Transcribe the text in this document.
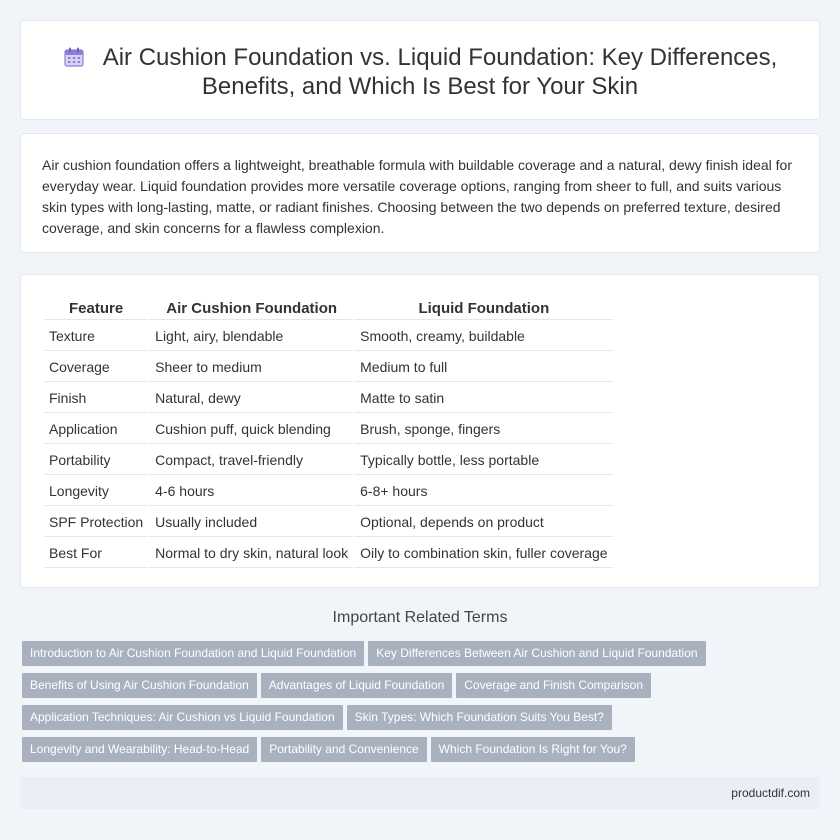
Air Cushion Foundation vs. Liquid Foundation: Key Differences,
Benefits, and Which Is Best for Your Skin

Air cushion foundation offers a lightweight, breathable formula with buildable coverage and a natural, dewy finish ideal for everyday wear. Liquid foundation provides more versatile coverage options, ranging from sheer to full, and suits various skin types with long-lasting, matte, or radiant finishes. Choosing between the two depends on preferred texture, desired coverage, and skin concerns for a flawless complexion.

Feature	Air Cushion Foundation	Liquid Foundation
Texture	Light, airy, blendable	Smooth, creamy, buildable
Coverage	Sheer to medium	Medium to full
Finish	Natural, dewy	Matte to satin
Application	Cushion puff, quick blending	Brush, sponge, fingers
Portability	Compact, travel-friendly	Typically bottle, less portable
Longevity	4-6 hours	6-8+ hours
SPF Protection	Usually included	Optional, depends on product
Best For	Normal to dry skin, natural look	Oily to combination skin, fuller coverage
Important Related Terms
Introduction to Air Cushion Foundation and Liquid Foundation Key Differences Between Air Cushion and Liquid Foundation
Benefits of Using Air Cushion Foundation Advantages of Liquid Foundation Coverage and Finish Comparison
Application Techniques: Air Cushion vs Liquid Foundation Skin Types: Which Foundation Suits You Best?
Longevity and Wearability: Head-to-Head Portability and Convenience Which Foundation Is Right for You?
productdif.com
